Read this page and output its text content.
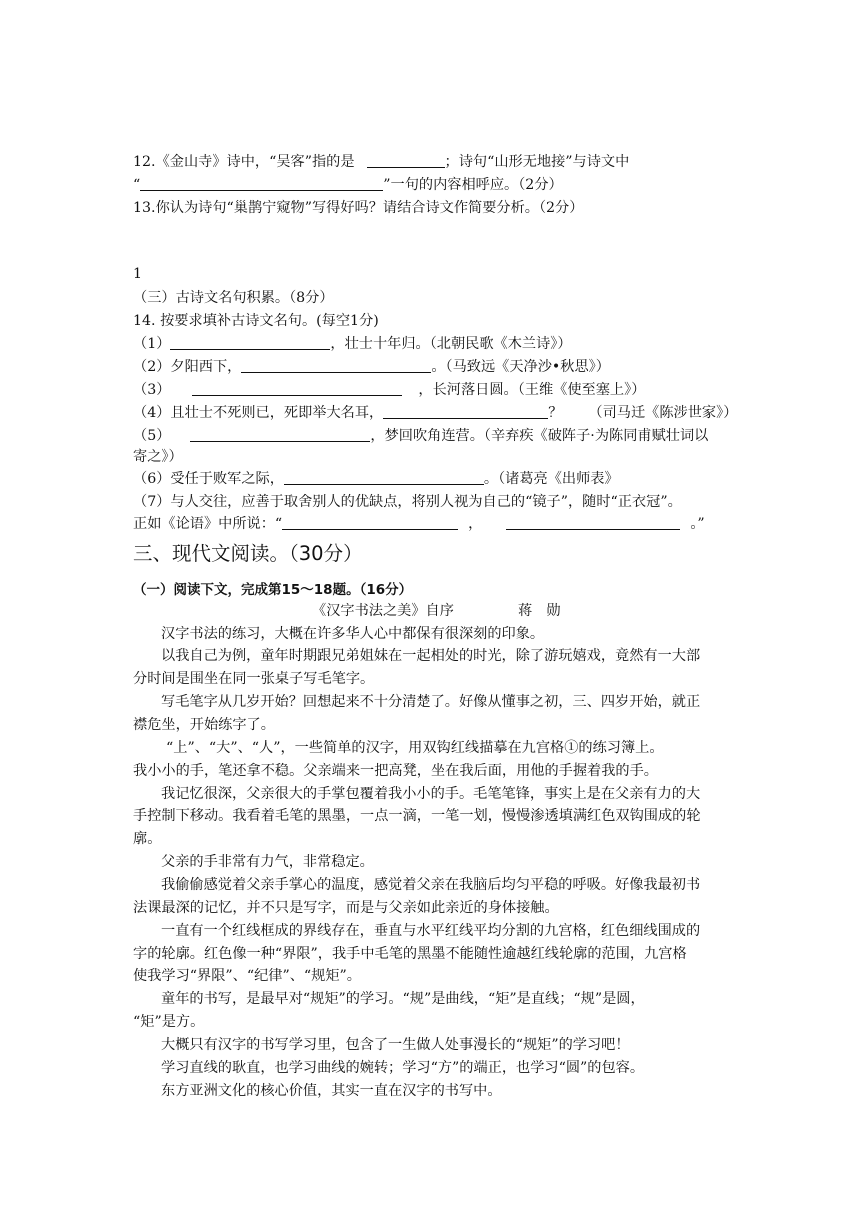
12.《金山寺》诗中，“吴客”指的是	；诗句“山形无地接”与诗文中
“	”一句的内容相呼应。（2分）
13.你认为诗句“巢鹊宁窥物”写得好吗？请结合诗文作简要分析。（2分）
1
（三）古诗文名句积累。（8分）
14. 按要求填补古诗文名句。(每空1分)
（1）	，壮士十年归。（北朝民歌《木兰诗》）
（2）夕阳西下，	。（马致远《天净沙•秋思》）
（3）	，长河落日圆。（王维《使至塞上》）
（4）且壮士不死则已，死即举大名耳，	？ （司马迁《陈涉世家》）
（5）	，梦回吹角连营。（辛弃疾《破阵子·为陈同甫赋壮词以
寄之》）
（6）受任于败军之际，	。（诸葛亮《出师表》
（7）与人交往，应善于取舍别人的优缺点，将别人视为自己的“镜子”，随时“正衣冠”。
正如《论语》中所说：“	，	。”
三、现代文阅读。（30分）
（一）阅读下文，完成第15～18题。（16分）
《汉字书法之美》自序	蒋　勋
汉字书法的练习，大概在许多华人心中都保有很深刻的印象。
以我自己为例，童年时期跟兄弟姐妹在一起相处的时光，除了游玩嬉戏，竟然有一大部
分时间是围坐在同一张桌子写毛笔字。
写毛笔字从几岁开始？回想起来不十分清楚了。好像从懂事之初，三、四岁开始，就正
襟危坐，开始练字了。
“上”、“大”、“人”，一些简单的汉字，用双钩红线描摹在九宫格①的练习簿上。
我小小的手，笔还拿不稳。父亲端来一把高凳，坐在我后面，用他的手握着我的手。
我记忆很深，父亲很大的手掌包覆着我小小的手。毛笔笔锋，事实上是在父亲有力的大
手控制下移动。我看着毛笔的黑墨，一点一滴，一笔一划，慢慢渗透填满红色双钩围成的轮
廓。
父亲的手非常有力气，非常稳定。
我偷偷感觉着父亲手掌心的温度，感觉着父亲在我脑后均匀平稳的呼吸。好像我最初书
法课最深的记忆，并不只是写字，而是与父亲如此亲近的身体接触。
一直有一个红线框成的界线存在，垂直与水平红线平均分割的九宫格，红色细线围成的
字的轮廓。红色像一种“界限”，我手中毛笔的黑墨不能随性逾越红线轮廓的范围，九宫格
使我学习“界限”、“纪律”、“规矩”。
童年的书写，是最早对“规矩”的学习。“规”是曲线，“矩”是直线；“规”是圆，
“矩”是方。
大概只有汉字的书写学习里，包含了一生做人处事漫长的“规矩”的学习吧！
学习直线的耿直，也学习曲线的婉转；学习“方”的端正，也学习“圆”的包容。
东方亚洲文化的核心价值，其实一直在汉字的书写中。
